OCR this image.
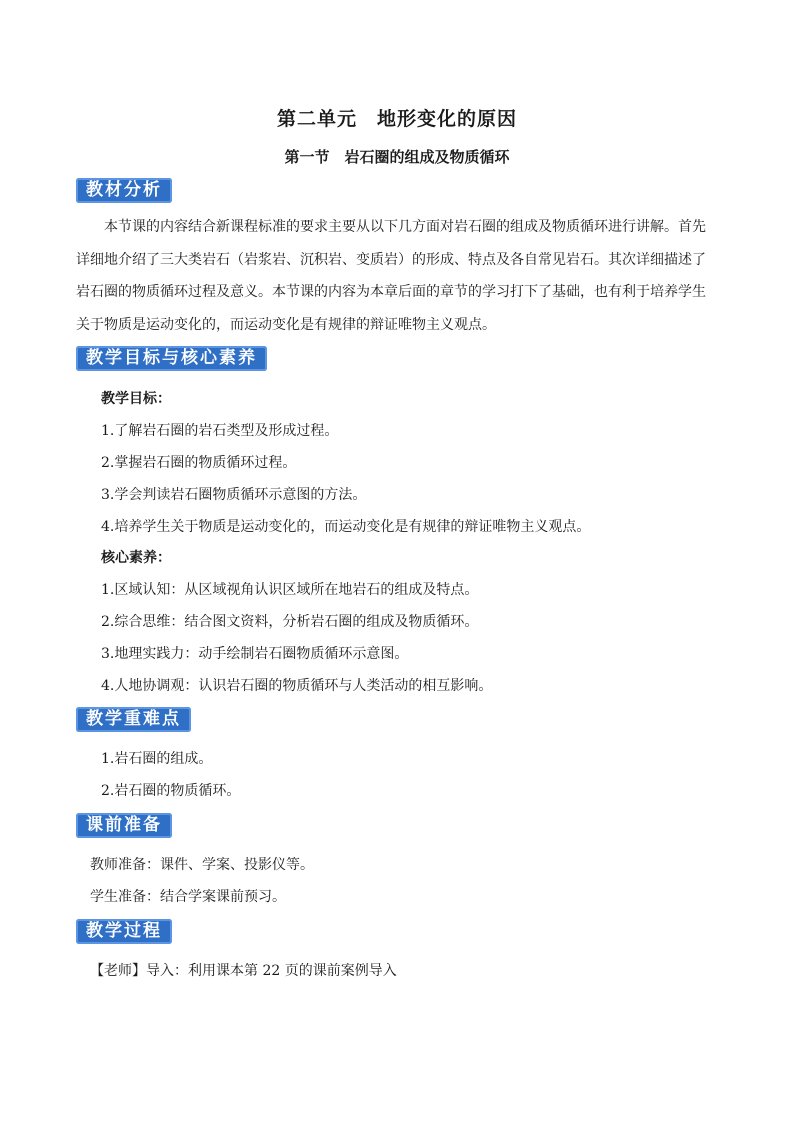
第二单元　地形变化的原因
第一节　岩石圈的组成及物质循环
教材分析

本节课的内容结合新课程标准的要求主要从以下几方面对岩石圈的组成及物质循环进行讲解。首先详细地介绍了三大类岩石（岩浆岩、沉积岩、变质岩）的形成、特点及各自常见岩石。其次详细描述了岩石圈的物质循环过程及意义。本节课的内容为本章后面的章节的学习打下了基础，也有利于培养学生关于物质是运动变化的，而运动变化是有规律的辩证唯物主义观点。

教学目标与核心素养

教学目标：

1.了解岩石圈的岩石类型及形成过程。

2.掌握岩石圈的物质循环过程。

3.学会判读岩石圈物质循环示意图的方法。

4.培养学生关于物质是运动变化的，而运动变化是有规律的辩证唯物主义观点。

核心素养：

1.区域认知：从区域视角认识区域所在地岩石的组成及特点。

2.综合思维：结合图文资料，分析岩石圈的组成及物质循环。

3.地理实践力：动手绘制岩石圈物质循环示意图。

4.人地协调观：认识岩石圈的物质循环与人类活动的相互影响。

教学重难点

1.岩石圈的组成。

2.岩石圈的物质循环。

课前准备

教师准备：课件、学案、投影仪等。

学生准备：结合学案课前预习。

教学过程

【老师】导入：利用课本第 22 页的课前案例导入
